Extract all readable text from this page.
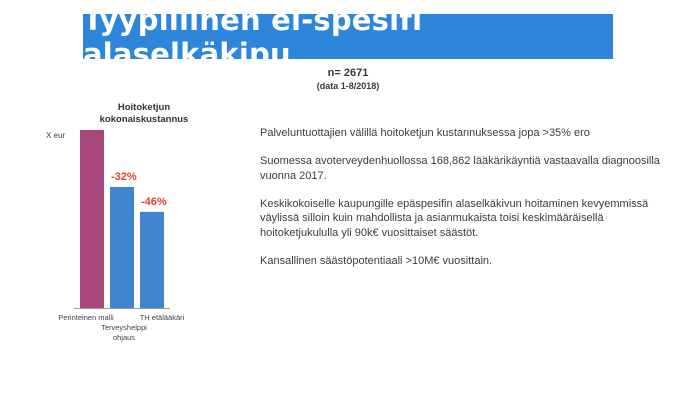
Tyypillinen ei-spesifi alaselkäkipu
n= 2671
(data 1-8/2018)
Hoitoketjun kokonaiskustannus
X eur
-32%
-46%
Perinteinen malli
Terveyshelppi ohjaus
TH etälääkäri
Palveluntuottajien välillä hoitoketjun kustannuksessa jopa >35% ero
Suomessa avoterveydenhuollossa 168,862 lääkärikäyntiä vastaavalla diagnoosilla vuonna 2017.
Keskikokoiselle kaupungille epäspesifin alaselkäkivun hoitaminen kevyemmissä väylissä silloin kuin mahdollista ja asianmukaista toisi keskimääräisellä hoitoketjukululla yli 90k€ vuosittaiset säästöt.
Kansallinen säästöpotentiaali >10M€ vuosittain.
